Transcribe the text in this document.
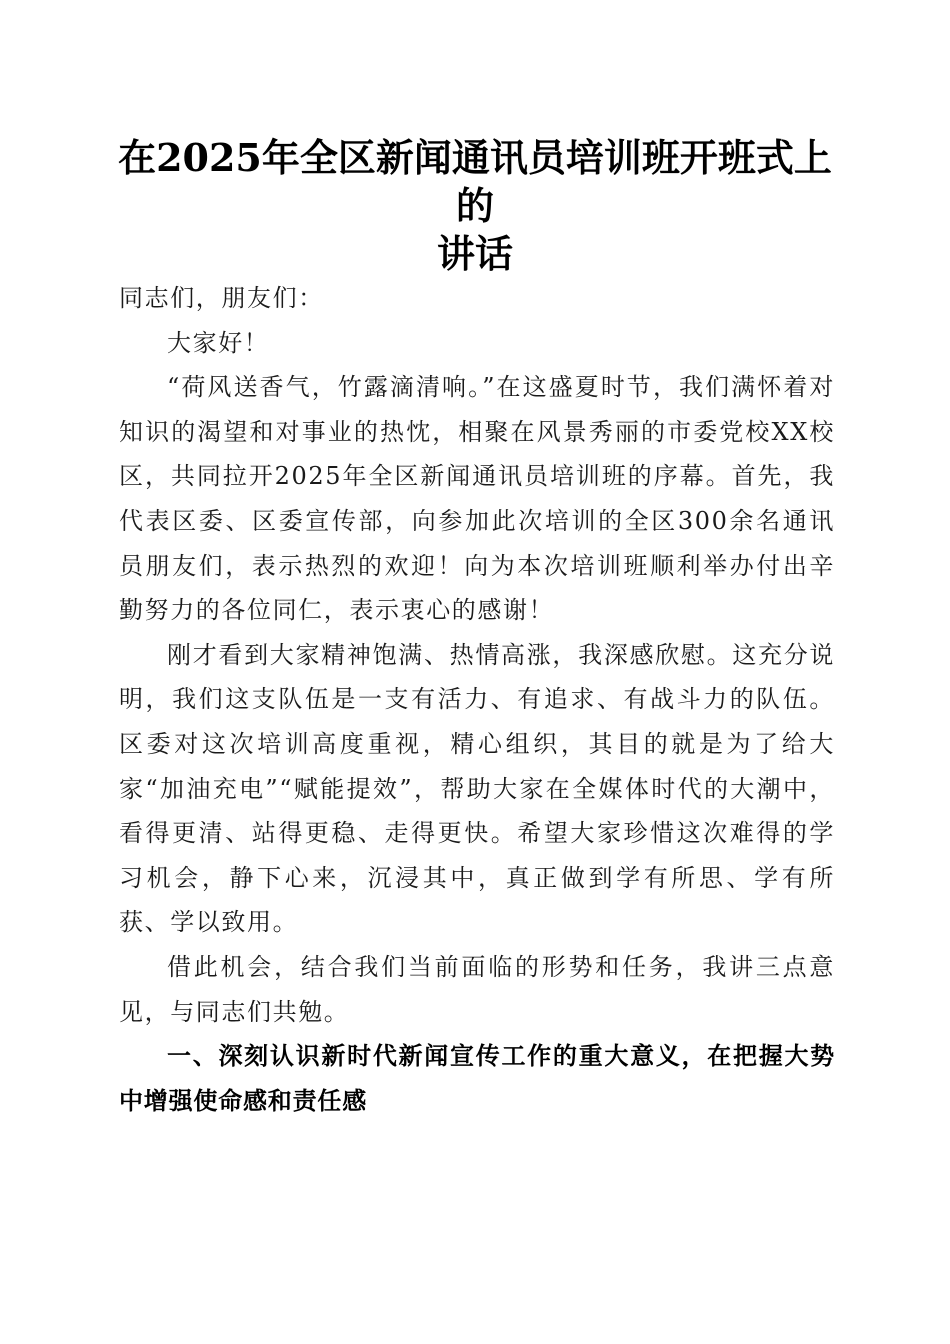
在2025年全区新闻通讯员培训班开班式上的
讲话

同志们，朋友们：

大家好！

“荷风送香气，竹露滴清响。”在这盛夏时节，我们满怀着对知识的渴望和对事业的热忱，相聚在风景秀丽的市委党校XX校区，共同拉开2025年全区新闻通讯员培训班的序幕。首先，我代表区委、区委宣传部，向参加此次培训的全区300余名通讯员朋友们，表示热烈的欢迎！向为本次培训班顺利举办付出辛勤努力的各位同仁，表示衷心的感谢！

刚才看到大家精神饱满、热情高涨，我深感欣慰。这充分说明，我们这支队伍是一支有活力、有追求、有战斗力的队伍。区委对这次培训高度重视，精心组织，其目的就是为了给大家“加油充电”“赋能提效”，帮助大家在全媒体时代的大潮中，看得更清、站得更稳、走得更快。希望大家珍惜这次难得的学习机会，静下心来，沉浸其中，真正做到学有所思、学有所获、学以致用。

借此机会，结合我们当前面临的形势和任务，我讲三点意见，与同志们共勉。

一、深刻认识新时代新闻宣传工作的重大意义，在把握大势中增强使命感和责任感
